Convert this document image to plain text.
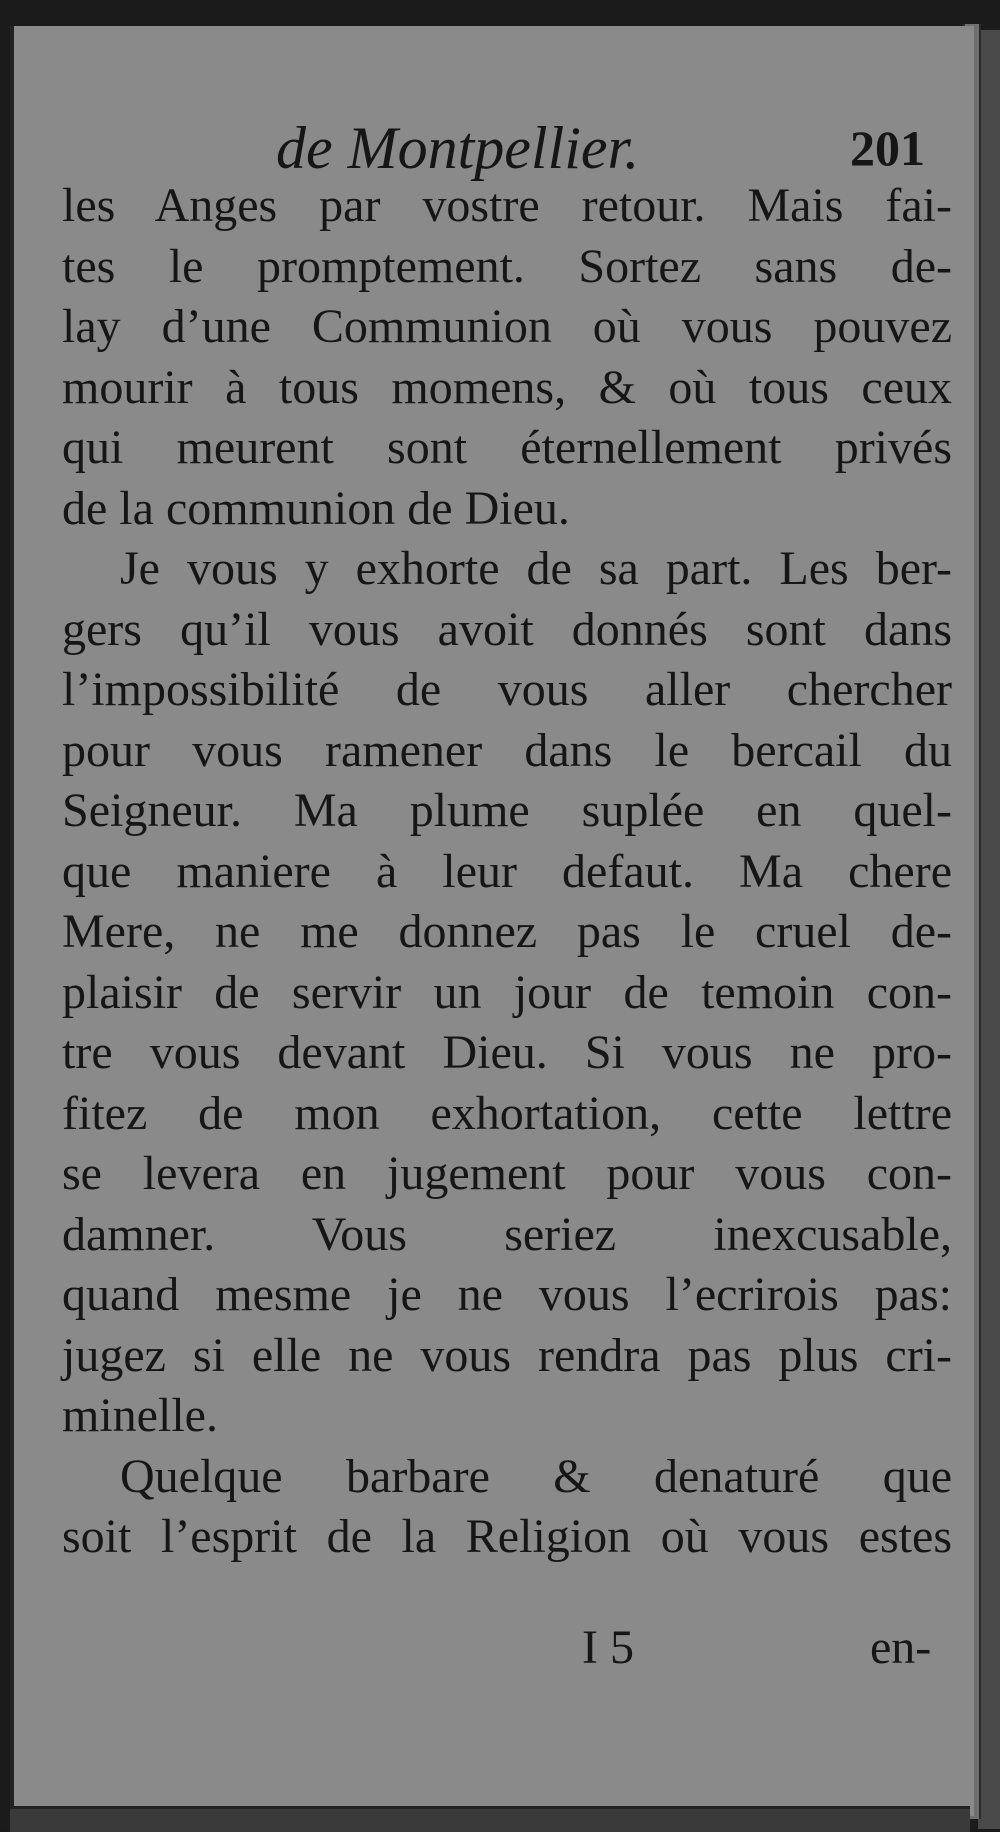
de Montpellier.	201
les Anges par vostre retour. Mais fai-
tes le promptement. Sortez sans de-
lay d’une Communion où vous pouvez
mourir à tous momens, & où tous ceux
qui meurent sont éternellement privés
de la communion de Dieu.
Je vous y exhorte de sa part. Les ber-
gers qu’il vous avoit donnés sont dans
l’impossibilité de vous aller chercher
pour vous ramener dans le bercail du
Seigneur. Ma plume suplée en quel-
que maniere à leur defaut. Ma chere
Mere, ne me donnez pas le cruel de-
plaisir de servir un jour de temoin con-
tre vous devant Dieu. Si vous ne pro-
fitez de mon exhortation, cette lettre
se levera en jugement pour vous con-
damner. Vous seriez inexcusable,
quand mesme je ne vous l’ecrirois pas:
jugez si elle ne vous rendra pas plus cri-
minelle.
Quelque barbare & denaturé que
soit l’esprit de la Religion où vous estes
I 5	en-
